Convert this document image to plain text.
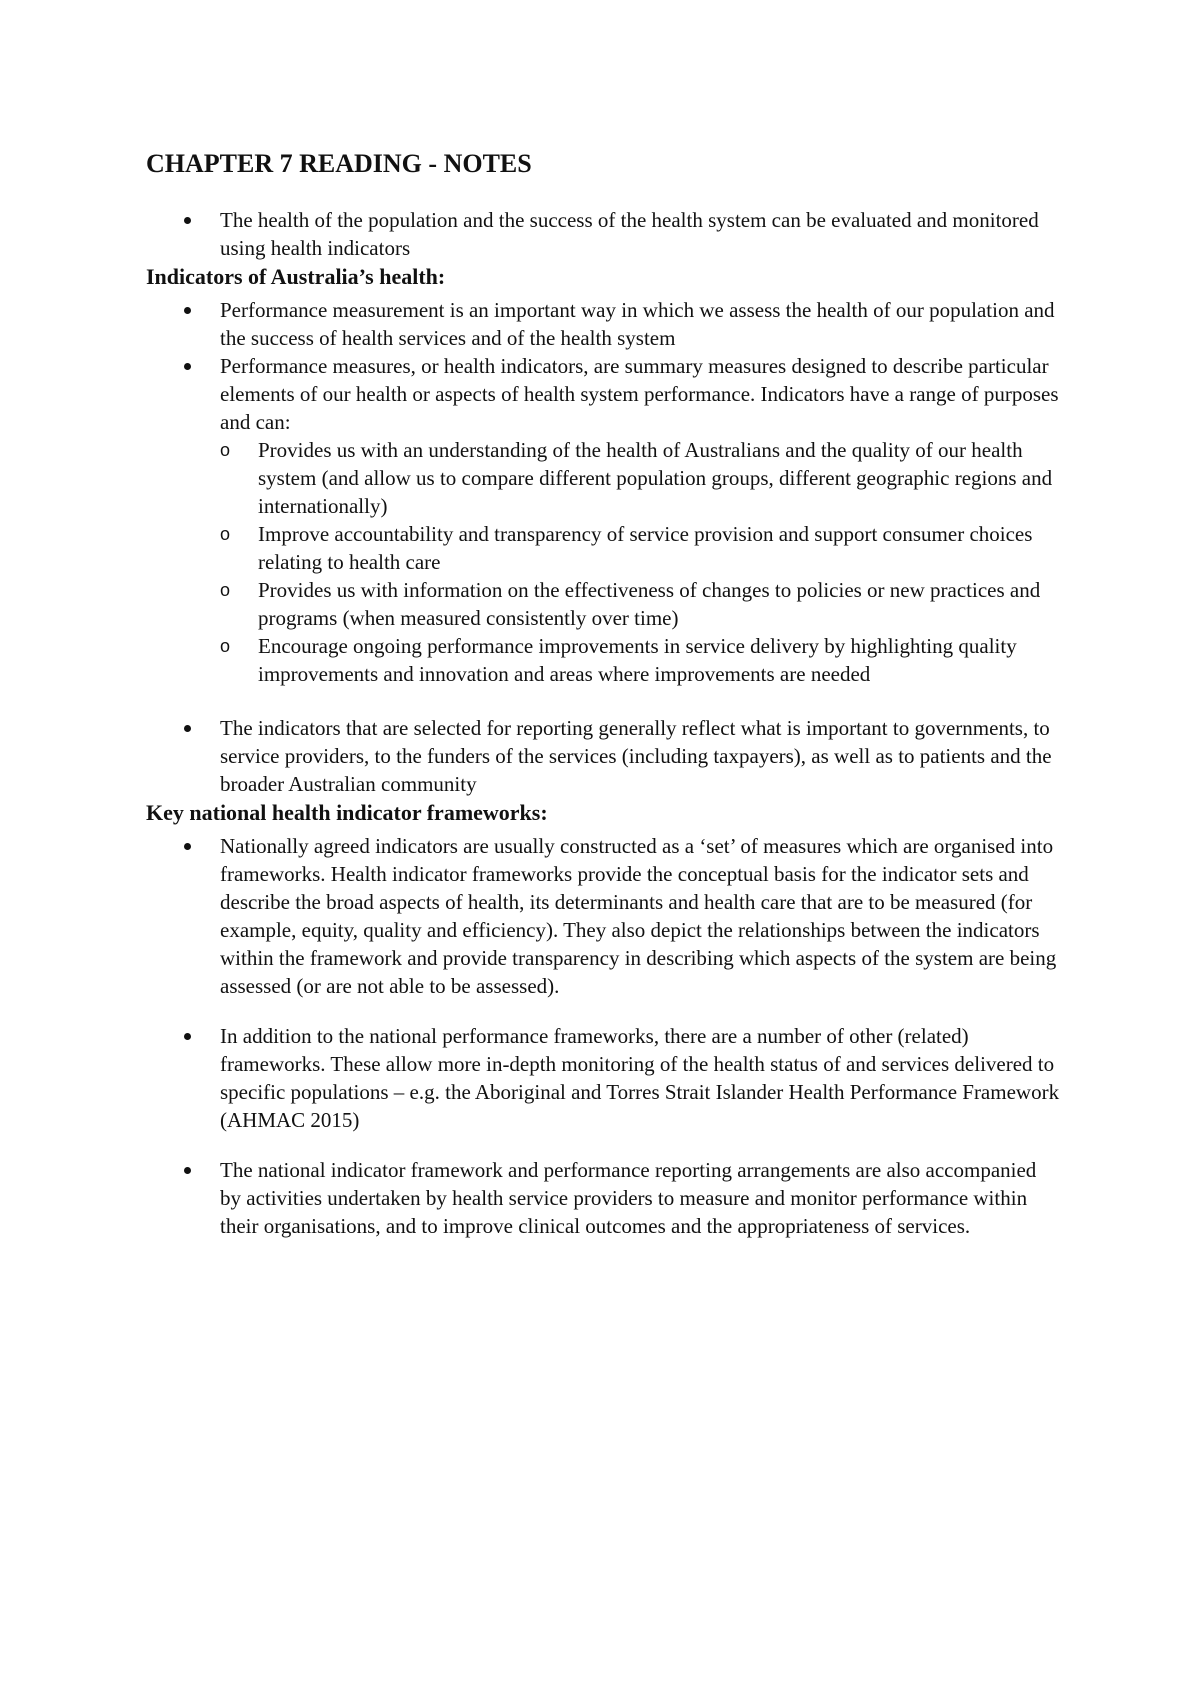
CHAPTER 7 READING - NOTES
The health of the population and the success of the health system can be evaluated and monitored using health indicators
Indicators of Australia’s health:
Performance measurement is an important way in which we assess the health of our population and the success of health services and of the health system
Performance measures, or health indicators, are summary measures designed to describe particular elements of our health or aspects of health system performance. Indicators have a range of purposes and can:
o Provides us with an understanding of the health of Australians and the quality of our health system (and allow us to compare different population groups, different geographic regions and internationally)
o Improve accountability and transparency of service provision and support consumer choices relating to health care
o Provides us with information on the effectiveness of changes to policies or new practices and programs (when measured consistently over time)
o Encourage ongoing performance improvements in service delivery by highlighting quality improvements and innovation and areas where improvements are needed
The indicators that are selected for reporting generally reflect what is important to governments, to service providers, to the funders of the services (including taxpayers), as well as to patients and the broader Australian community
Key national health indicator frameworks:
Nationally agreed indicators are usually constructed as a ‘set’ of measures which are organised into frameworks. Health indicator frameworks provide the conceptual basis for the indicator sets and describe the broad aspects of health, its determinants and health care that are to be measured (for example, equity, quality and efficiency). They also depict the relationships between the indicators within the framework and provide transparency in describing which aspects of the system are being assessed (or are not able to be assessed).
In addition to the national performance frameworks, there are a number of other (related) frameworks. These allow more in-depth monitoring of the health status of and services delivered to specific populations – e.g. the Aboriginal and Torres Strait Islander Health Performance Framework (AHMAC 2015)
The national indicator framework and performance reporting arrangements are also accompanied by activities undertaken by health service providers to measure and monitor performance within their organisations, and to improve clinical outcomes and the appropriateness of services.
